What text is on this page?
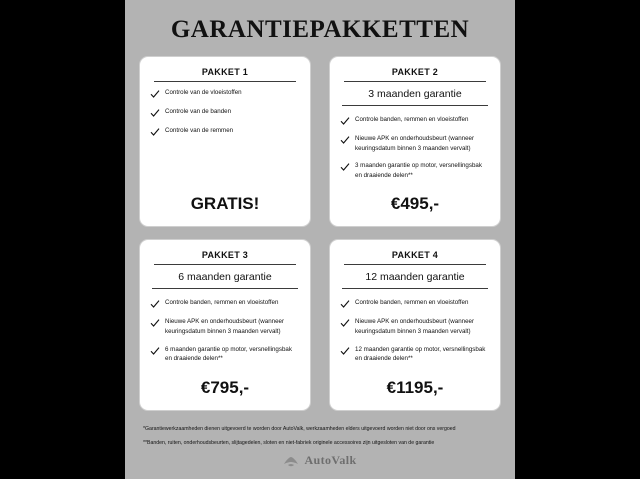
GARANTIEPAKKETTEN
PAKKET 1
Controle van de vloeistoffen
Controle van de banden
Controle van de remmen
GRATIS!
PAKKET 2
3 maanden garantie
Controle banden, remmen en vloeistoffen
Nieuwe APK en onderhoudsbeurt (wanneer keuringsdatum binnen 3 maanden vervalt)
3 maanden garantie op motor, versnellingsbak en draaiende delen**
€495,-
PAKKET 3
6 maanden garantie
Controle banden, remmen en vloeistoffen
Nieuwe APK en onderhoudsbeurt (wanneer keuringsdatum binnen 3 maanden vervalt)
6 maanden garantie op motor, versnellingsbak en draaiende delen**
€795,-
PAKKET 4
12 maanden garantie
Controle banden, remmen en vloeistoffen
Nieuwe APK en onderhoudsbeurt (wanneer keuringsdatum binnen 3 maanden vervalt)
12 maanden garantie op motor, versnellingsbak en draaiende delen**
€1195,-
*Garantiewerkzaamheden dienen uitgevoerd te worden door AutoValk, werkzaamheden elders uitgevoerd worden niet door ons vergoed
**Banden, ruiten, onderhoudsbeurten, slijtagedelen, sloten en niet-fabriek originele accessoires zijn uitgesloten van de garantie
AutoValk
